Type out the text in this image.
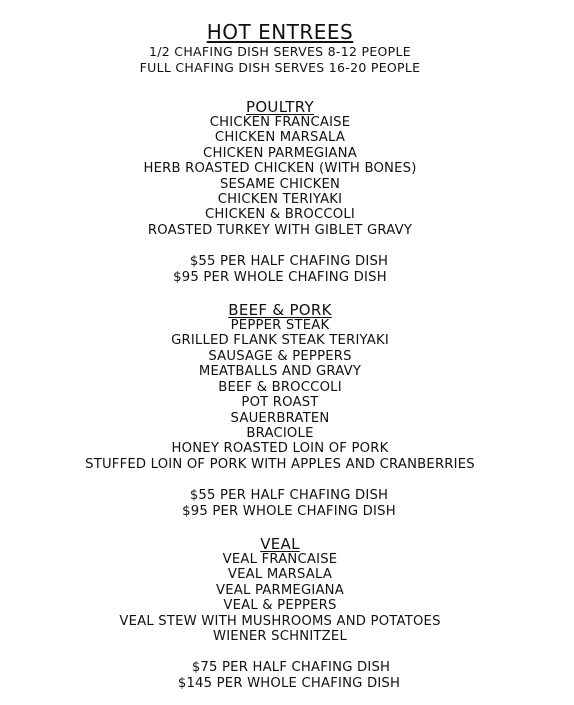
HOT ENTREES
1/2 CHAFING DISH SERVES 8-12 PEOPLE
FULL CHAFING DISH SERVES 16-20 PEOPLE
POULTRY
CHICKEN FRANCAISE
CHICKEN MARSALA
CHICKEN PARMEGIANA
HERB ROASTED CHICKEN (WITH BONES)
SESAME CHICKEN
CHICKEN TERIYAKI
CHICKEN & BROCCOLI
ROASTED TURKEY WITH GIBLET GRAVY
$55 PER HALF CHAFING DISH
$95 PER WHOLE CHAFING DISH
BEEF & PORK
PEPPER STEAK
GRILLED FLANK STEAK TERIYAKI
SAUSAGE & PEPPERS
MEATBALLS AND GRAVY
BEEF & BROCCOLI
POT ROAST
SAUERBRATEN
BRACIOLE
HONEY ROASTED LOIN OF PORK
STUFFED LOIN OF PORK WITH APPLES AND CRANBERRIES
$55 PER HALF CHAFING DISH
$95 PER WHOLE CHAFING DISH
VEAL
VEAL FRANCAISE
VEAL MARSALA
VEAL PARMEGIANA
VEAL & PEPPERS
VEAL STEW WITH MUSHROOMS AND POTATOES
WIENER SCHNITZEL
$75 PER HALF CHAFING DISH
$145 PER WHOLE CHAFING DISH
